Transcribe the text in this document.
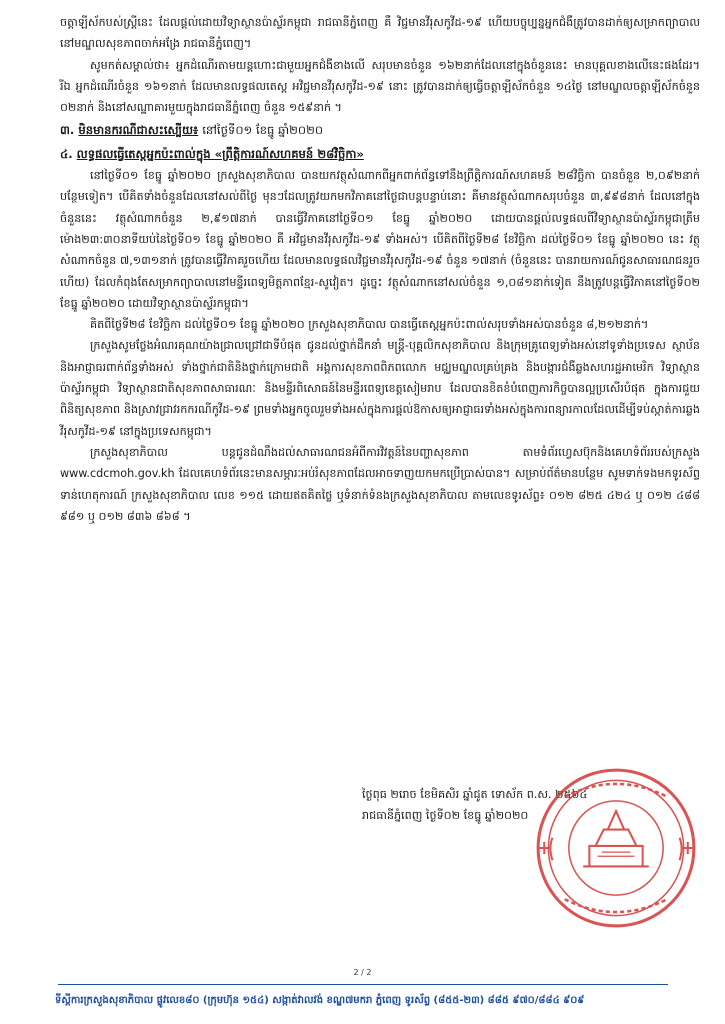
ចត្តាឡីស័កបស់ស្ត្រីនេះ ដែលផ្ដល់ដោយវិទ្យាស្ថានប៉ាស្ទ័រកម្ពុជា រាជធានីភ្នំពេញ គឺ វិជ្ជមានវីរុសកូវីដ-១៩ ហើយបច្ចុប្បន្នអ្នកជំងឺត្រូវបានដាក់ឲ្យសម្រាកព្យាបាលនៅមណ្ឌលសុខភាពចាក់អង្រែ រាជធានីភ្នំពេញ។

សូមកត់សម្គាល់ថា៖ អ្នកដំណើរតាមយន្តហោះជាមួយអ្នកជំងឺខាងលើ សរុបមានចំនួន ១៦២នាក់ដែលនៅក្នុងចំនួននេះ មានបុគ្គលខាងលើនេះផងដែរ។ រីឯ អ្នកដំណើរចំនួន ១៦១នាក់ ដែលមានលទ្ធផលតេស្ត អវិជ្ជមានវីរុសកូវីដ-១៩ នោះ ត្រូវបានដាក់ឲ្យធ្វើចត្តាឡីស័កចំនួន ១៤ថ្ងៃ នៅមណ្ឌលចត្តាឡីស័កចំនួន ០២នាក់ និងនៅសណ្ឋាគារមួយក្នុងរាជធានីភ្នំពេញ ចំនួន ១៥៩នាក់ ។

៣. មិនមានករណីជាសះស្បើយ៖ នៅថ្ងៃទី០១ ខែធ្នូ ឆ្នាំ២០២០

៤. លទ្ធផលធ្វើតេស្តអ្នកប៉ះពាល់ក្នុង «ព្រឹត្តិការណ៍សហគមន៍ ២៨វិច្ឆិកា»

នៅថ្ងៃទី០១ ខែធ្នូ ឆ្នាំ២០២០ ក្រសួងសុខាភិបាល បានយកវត្ថុសំណាកពីអ្នកពាក់ព័ន្ធទៅនឹងព្រឹត្តិការណ៍សហគមន៍ ២៨វិច្ឆិកា បានចំនួន ២,០៩២នាក់ បន្ថែមទៀត។ បើគិតទាំងចំនួនដែលនៅសល់ពីថ្ងៃ មុនៗដែលត្រូវយកមកវិភាគនៅថ្ងៃជាបន្តបន្ទាប់នោះ គឺមានវត្ថុសំណាកសរុបចំនួន ៣,៩៩៨នាក់ ដែលនៅក្នុងចំនួននេះ វត្ថុសំណាកចំនួន ២,៩១៧នាក់ បានធ្វើវិភាគនៅថ្ងៃទី០១ ខែធ្នូ ឆ្នាំ២០២០ ដោយបានផ្ដល់លទ្ធផលពីវិទ្យាស្ថានប៉ាស្ទ័រកម្ពុជាត្រឹមម៉ោង២៣:៣០នាទីយប់នៃថ្ងៃទី០១ ខែធ្នូ ឆ្នាំ២០២០ គឺ អវិជ្ជមានវីរុសកូវីដ-១៩ ទាំងអស់។ បើគិតពីថ្ងៃទី២៨ ខែវិច្ឆិកា ដល់ថ្ងៃទី០១ ខែធ្នូ ឆ្នាំ២០២០ នេះ វត្ថុសំណាកចំនួន ៧,១៣១នាក់ ត្រូវបានធ្វើវិភាគរួចហើយ ដែលមានលទ្ធផលវិជ្ជមានវីរុសកូវីដ-១៩ ចំនួន ១៧នាក់ (ចំនួននេះ បានរាយការណ៍ជូនសាធារណជនរួចហើយ) ដែលកំពុងតែសម្រាកព្យាបាលនៅមន្ទីរពេទ្យមិត្តភាពខ្មែរ-សូវៀត។ ដូច្នេះ វត្ថុសំណាកនៅសល់ចំនួន ១,០៨១នាក់ទៀត នឹងត្រូវបន្តធ្វើវិភាគនៅថ្ងៃទី០២ ខែធ្នូ ឆ្នាំ២០២០ ដោយវិទ្យាស្ថានប៉ាស្ទ័រកម្ពុជា។

គិតពីថ្ងៃទី២៨ ខែវិច្ឆិកា ដល់ថ្ងៃទី០១ ខែធ្នូ ឆ្នាំ២០២០ ក្រសួងសុខាភិបាល បានធ្វើតេស្តអ្នកប៉ះពាល់សរុបទាំងអស់បានចំនួន ៨,២១២នាក់។

ក្រសួងសូមថ្លែងអំណរគុណយ៉ាងជ្រាលជ្រៅជាទីបំផុត ជូនដល់ថ្នាក់ដឹកនាំ មន្ត្រី-បុគ្គលិកសុខាភិបាល និងក្រុមគ្រូពេទ្យទាំងអស់នៅទូទាំងប្រទេស ស្ថាប័ន និងអាជ្ញាធរពាក់ព័ន្ធទាំងអស់ ទាំងថ្នាក់ជាតិនិងថ្នាក់ក្រោមជាតិ អង្គការសុខភាពពិភពលោក មជ្ឈមណ្ឌលគ្រប់គ្រង និងបង្ការជំងឺឆ្លងសហរដ្ឋអាមេរិក វិទ្យាស្ថានប៉ាស្ទ័រកម្ពុជា វិទ្យាស្ថានជាតិសុខភាពសាធារណៈ និងមន្ទីរពិសោធន៍នៃមន្ទីរពេទ្យខេត្តសៀមរាប ដែលបានខិតខំបំពេញភារកិច្ចបានល្អប្រសើរបំផុត ក្នុងការជួយពិនិត្យសុខភាព និងស្រាវជ្រាវរកករណីកូវីដ-១៩ ព្រមទាំងអ្នកចូលរួមទាំងអស់ក្នុងការផ្ដល់ឱកាសឲ្យអាជ្ញាធរទាំងអស់ក្នុងការពន្យារកាលដែលដើម្បីទប់ស្កាត់ការឆ្លងវីរុសកូវីដ-១៩ នៅក្នុងប្រទេសកម្ពុជា។

ក្រសួងសុខាភិបាល បន្តជូនដំណឹងដល់សាធារណជនអំពីការវិវត្តន៍នៃបញ្ហាសុខភាព តាមទំព័រហ្វេសប៊ុកនិងគេហទំព័ររបស់ក្រសួង www.cdcmoh.gov.kh ដែលគេហទំព័រនេះមានសម្ភារៈអប់រំសុខភាពដែលអាចទាញយកមកប្រើប្រាស់បាន។ សម្រាប់ព័ត៌មានបន្ថែម សូមទាក់ទងមកទូរស័ព្ទទាន់ហេតុការណ៍ ក្រសួងសុខាភិបាល លេខ ១១៥ ដោយឥតគិតថ្លៃ ឬទំនាក់ទំនងក្រសួងសុខាភិបាល តាមលេខទូរស័ព្ទ៖ ០១២ ៨២៥ ៤២៤ ឬ ០១២ ៤៨៨ ៩៨១ ឬ ០១២ ៨៣៦ ៨៦៨ ។

ថ្ងៃពុធ ២រោច ខែមិគសិរ ឆ្នាំជូត ទោស័ក ព.ស. ២៥៦៤
រាជធានីភ្នំពេញ ថ្ងៃទី០២ ខែធ្នូ ឆ្នាំ២០២០
2 / 2
ទីស្តីការក្រសួងសុខាភិបាល ផ្លូវលេខ៨០ (ក្រុមហ៊ុន ១៥៤) សង្កាត់វាលវង់ ខណ្ឌ៧មករា ភ្នំពេញ ទូរស័ព្ទ (៨៥៥-២៣) ៨៨៥ ៩៧០/៨៨៤ ៩០៩
